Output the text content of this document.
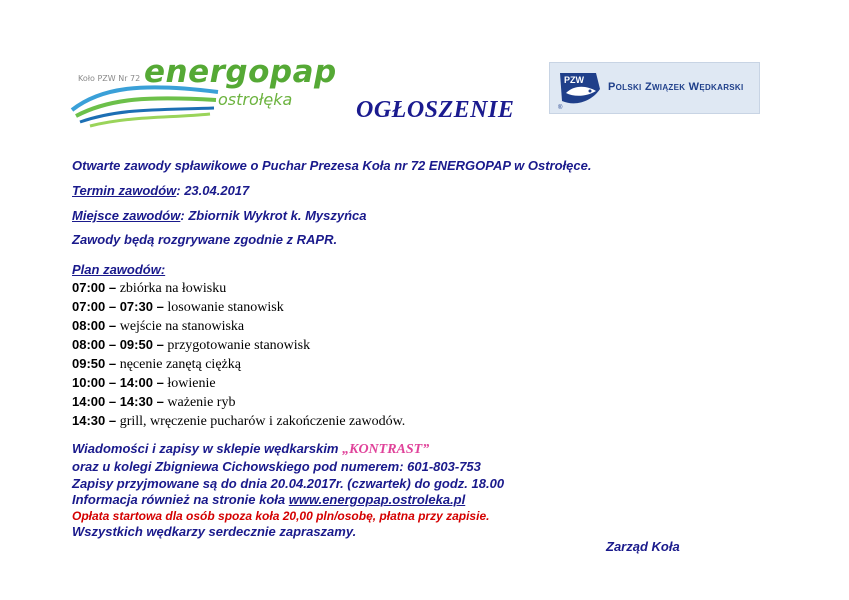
Koło PZW Nr 72 energopap
ostrołęka
PZW
®
Polski Związek Wędkarski
OGŁOSZENIE
Otwarte zawody spławikowe o Puchar Prezesa Koła nr 72 ENERGOPAP w Ostrołęce.
Termin zawodów: 23.04.2017
Miejsce zawodów: Zbiornik Wykrot k. Myszyńca
Zawody będą rozgrywane zgodnie z RAPR.
Plan zawodów:
07:00 – zbiórka na łowisku
07:00 – 07:30 – losowanie stanowisk
08:00 – wejście na stanowiska
08:00 – 09:50 – przygotowanie stanowisk
09:50 – nęcenie zanętą ciężką
10:00 – 14:00 – łowienie
14:00 – 14:30 – ważenie ryb
14:30 – grill, wręczenie pucharów i zakończenie zawodów.
Wiadomości i zapisy w sklepie wędkarskim „KONTRAST”
oraz u kolegi Zbigniewa Cichowskiego pod numerem: 601-803-753
Zapisy przyjmowane są do dnia 20.04.2017r. (czwartek) do godz. 18.00
Informacja również na stronie koła www.energopap.ostroleka.pl
Opłata startowa dla osób spoza koła 20,00 pln/osobę, płatna przy zapisie.
Wszystkich wędkarzy serdecznie zapraszamy.
Zarząd Koła
